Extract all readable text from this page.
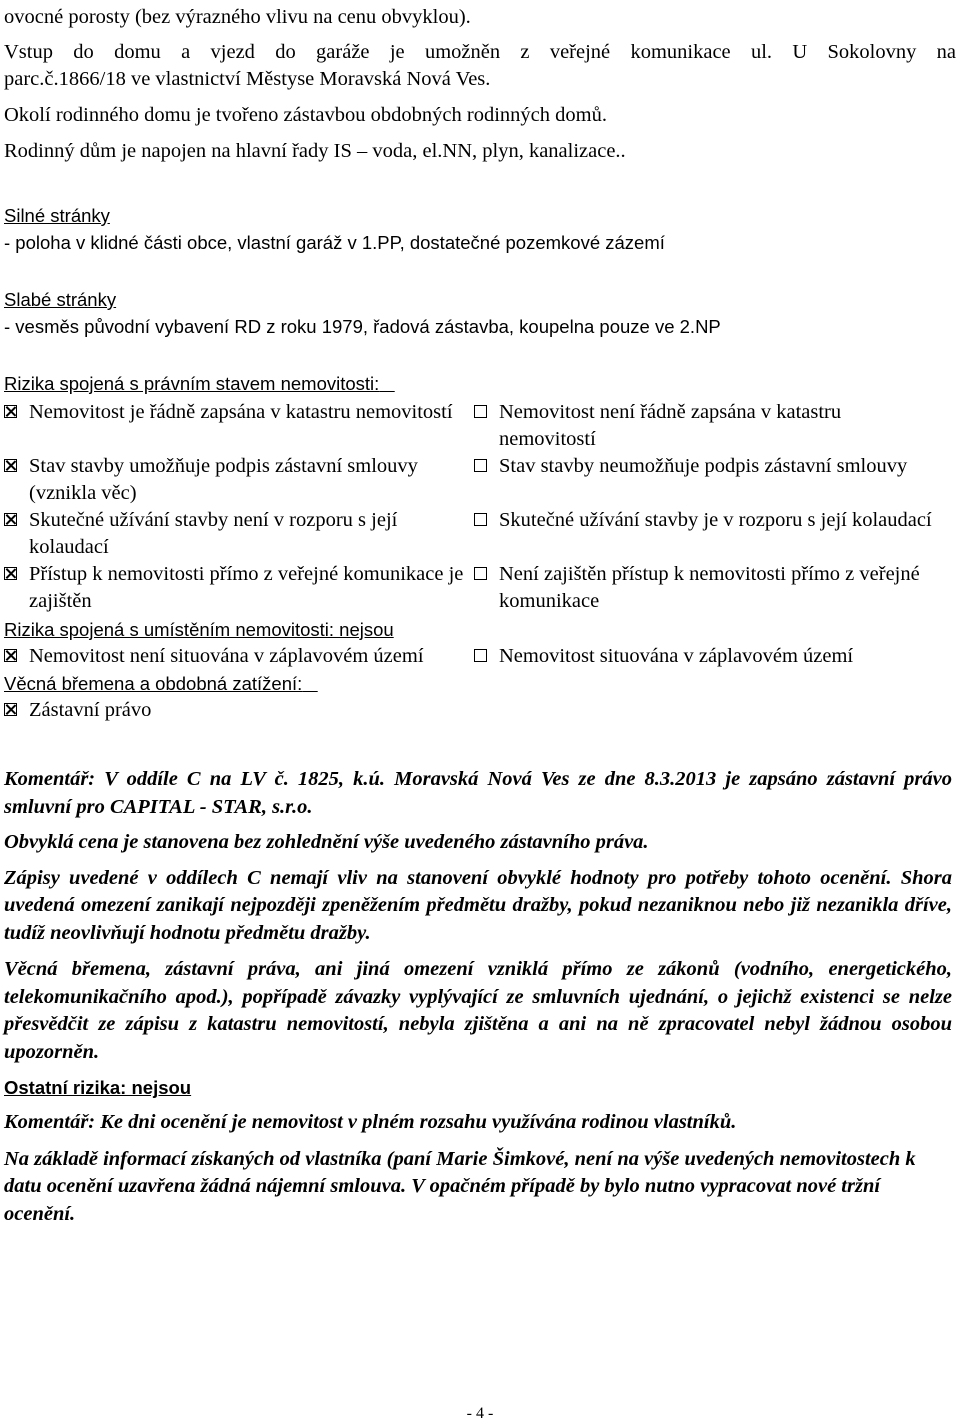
ovocné porosty (bez výrazného vlivu na cenu obvyklou).
Vstup do domu a vjezd do garáže je umožněn z veřejné komunikace ul. U Sokolovny na
parc.č.1866/18 ve vlastnictví Městyse Moravská Nová Ves.
Okolí rodinného domu je tvořeno zástavbou obdobných rodinných domů.
Rodinný dům je napojen na hlavní řady IS – voda, el.NN, plyn, kanalizace..
Silné stránky
- poloha v klidné části obce, vlastní garáž v 1.PP, dostatečné pozemkové zázemí
Slabé stránky
- vesměs původní vybavení RD z roku 1979, řadová zástavba, koupelna pouze ve 2.NP
Rizika spojená s právním stavem nemovitosti:
Nemovitost je řádně zapsána v katastru nemovitostí	Nemovitost není řádně zapsána v katastru nemovitostí
Stav stavby umožňuje podpis zástavní smlouvy (vznikla věc)
Stav stavby neumožňuje podpis zástavní smlouvy
Skutečné užívání stavby není v rozporu s její kolaudací
Skutečné užívání stavby je v rozporu s její kolaudací
Přístup k nemovitosti přímo z veřejné komunikace je zajištěn
Není zajištěn přístup k nemovitosti přímo z veřejné komunikace
Rizika spojená s umístěním nemovitosti: nejsou
Nemovitost není situována v záplavovém území	Nemovitost situována v záplavovém území
Věcná břemena a obdobná zatížení:
Zástavní právo
Komentář: V oddíle C na LV č. 1825, k.ú. Moravská Nová Ves ze dne 8.3.2013 je zapsáno zástavní právo smluvní pro CAPITAL - STAR, s.r.o.
Obvyklá cena je stanovena bez zohlednění výše uvedeného zástavního práva.
Zápisy uvedené v oddílech C nemají vliv na stanovení obvyklé hodnoty pro potřeby tohoto ocenění. Shora uvedená omezení zanikají nejpozději zpeněžením předmětu dražby, pokud nezaniknou nebo již nezanikla dříve, tudíž neovlivňují hodnotu předmětu dražby.
Věcná břemena, zástavní práva, ani jiná omezení vzniklá přímo ze zákonů (vodního, energetického, telekomunikačního apod.), popřípadě závazky vyplývající ze smluvních ujednání, o jejichž existenci se nelze přesvědčit ze zápisu z katastru nemovitostí, nebyla zjištěna a ani na ně zpracovatel nebyl žádnou osobou upozorněn.
Ostatní rizika: nejsou
Komentář: Ke dni ocenění je nemovitost v plném rozsahu využívána rodinou vlastníků.
Na základě informací získaných od vlastníka (paní Marie Šimkové, není na výše uvedených nemovitostech k datu ocenění uzavřena žádná nájemní smlouva. V opačném případě by bylo nutno vypracovat nové tržní ocenění.
- 4 -
